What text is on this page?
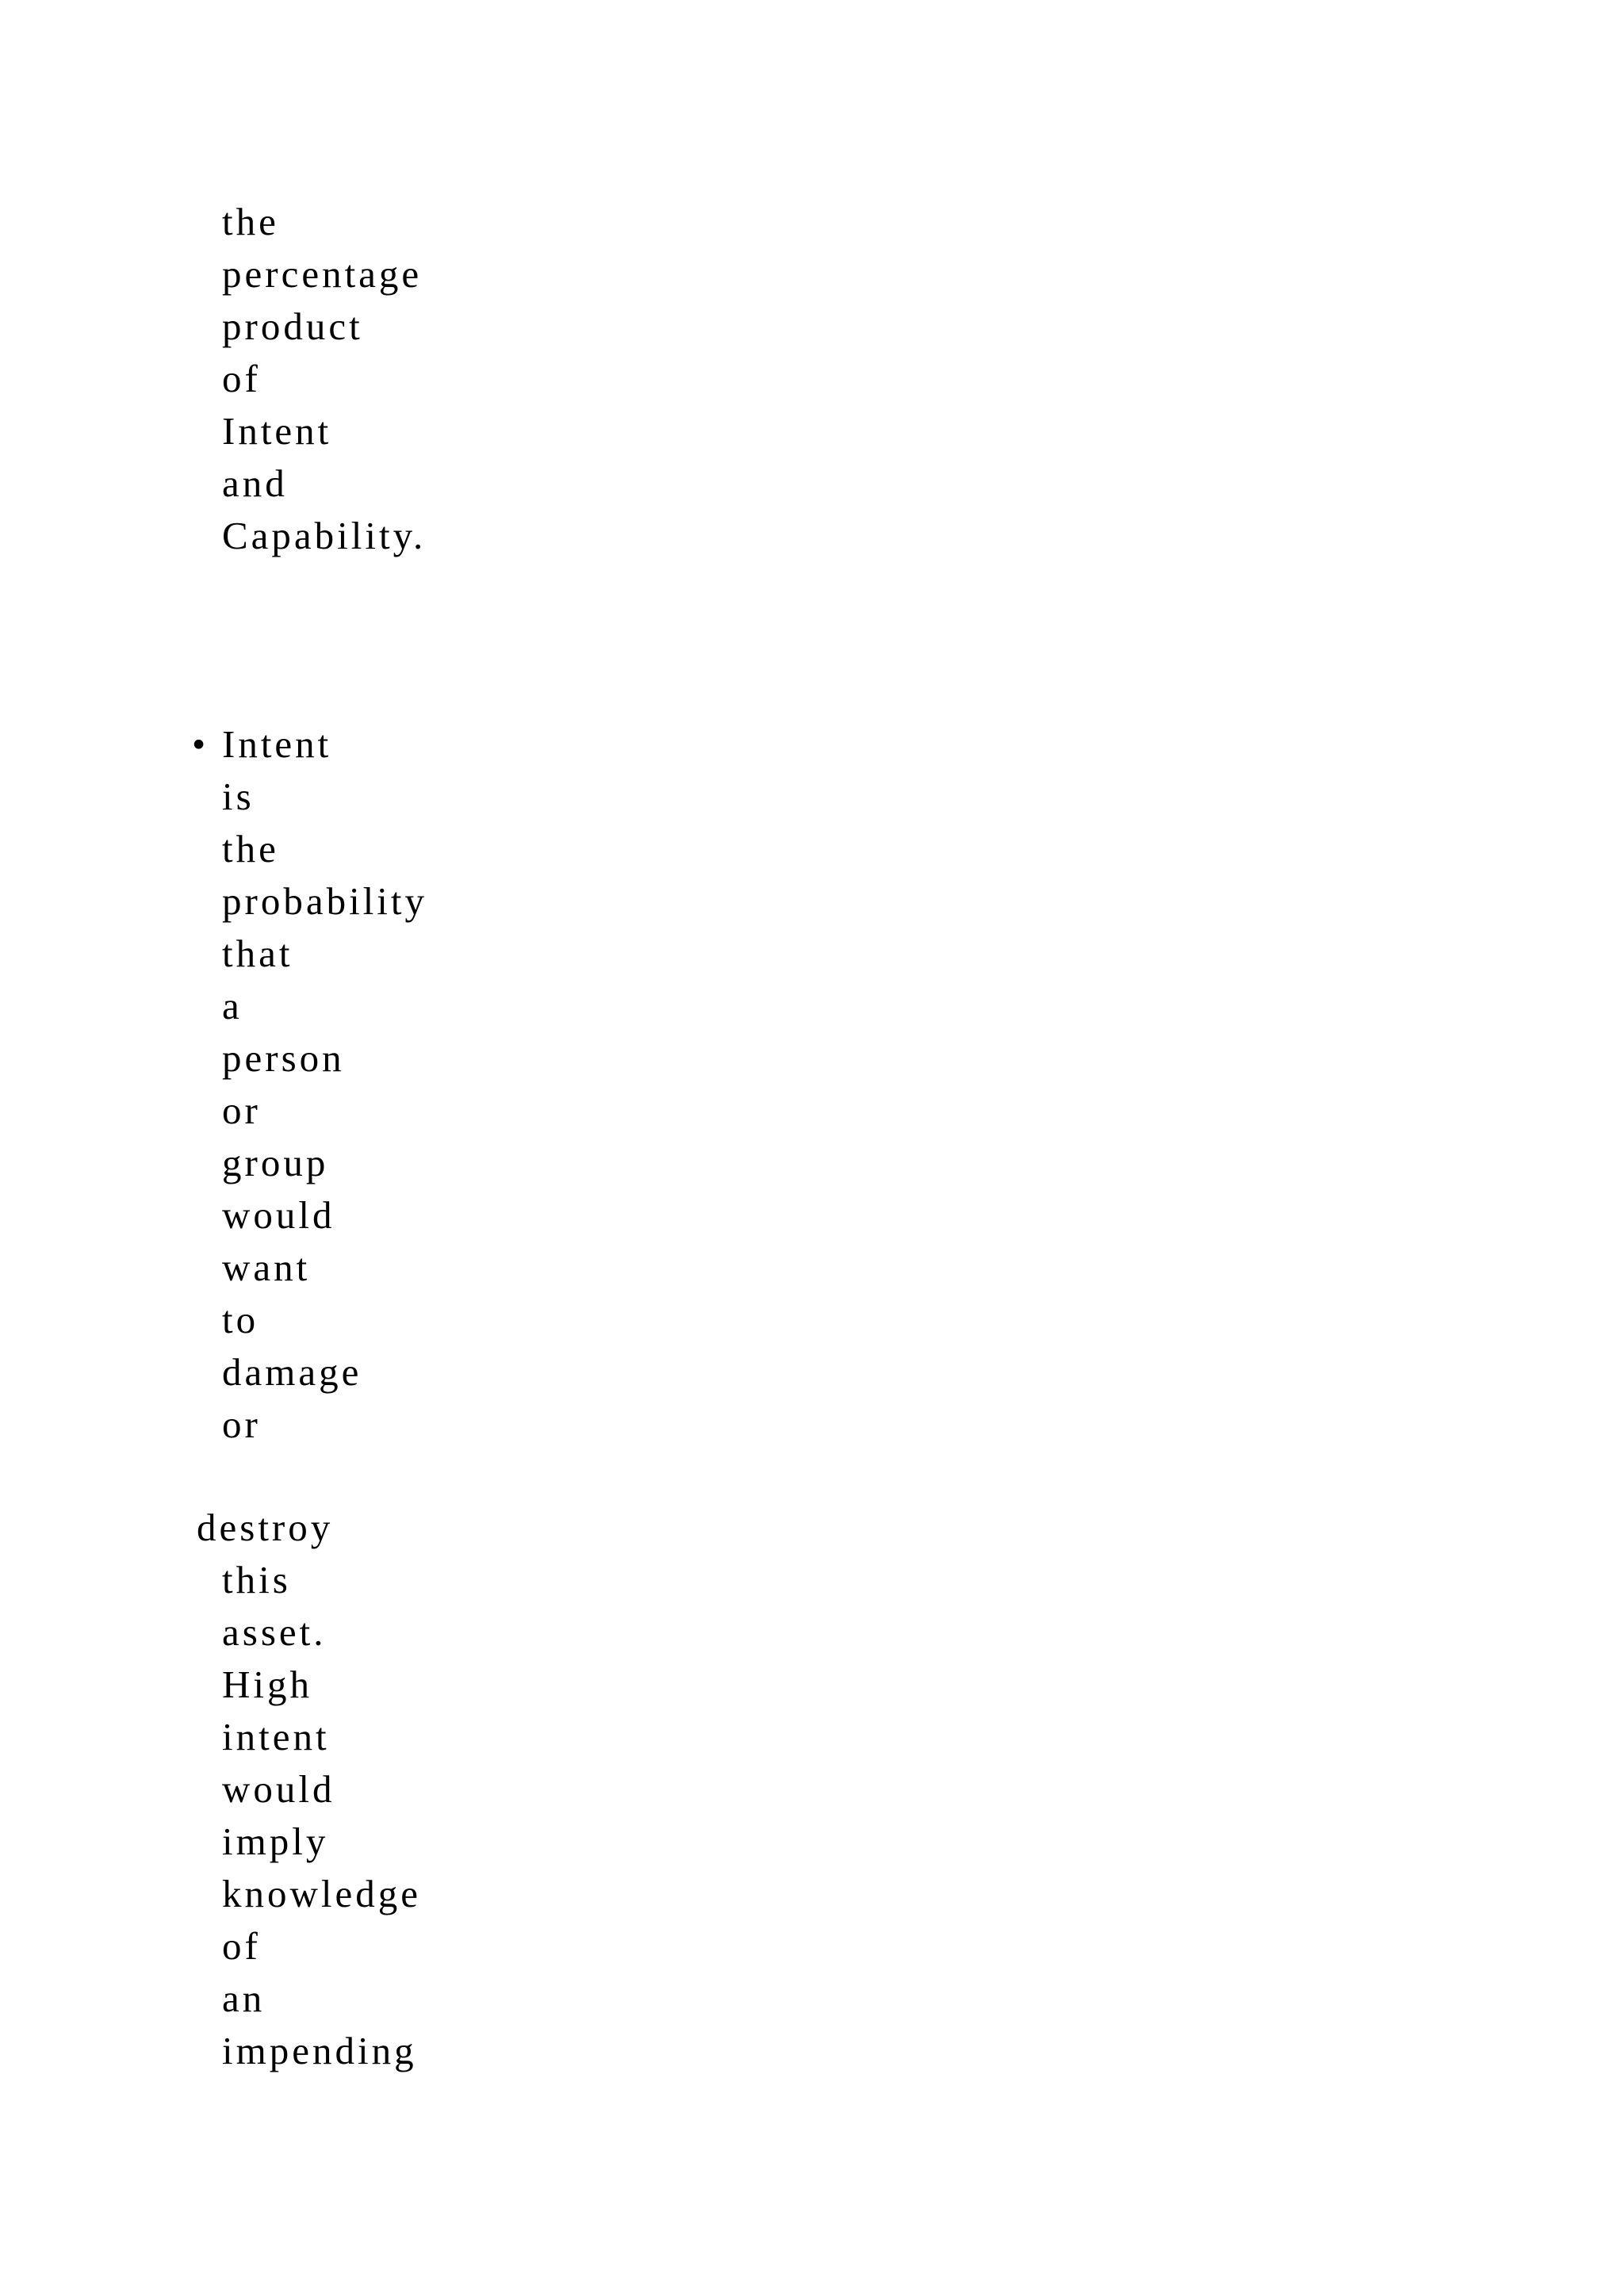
the
percentage
product
of
Intent
and
Capability.
• Intent
is
the
probability
that
a
person
or
group
would
want
to
damage
or
destroy
this
asset.
High
intent
would
imply
knowledge
of
an
impending
